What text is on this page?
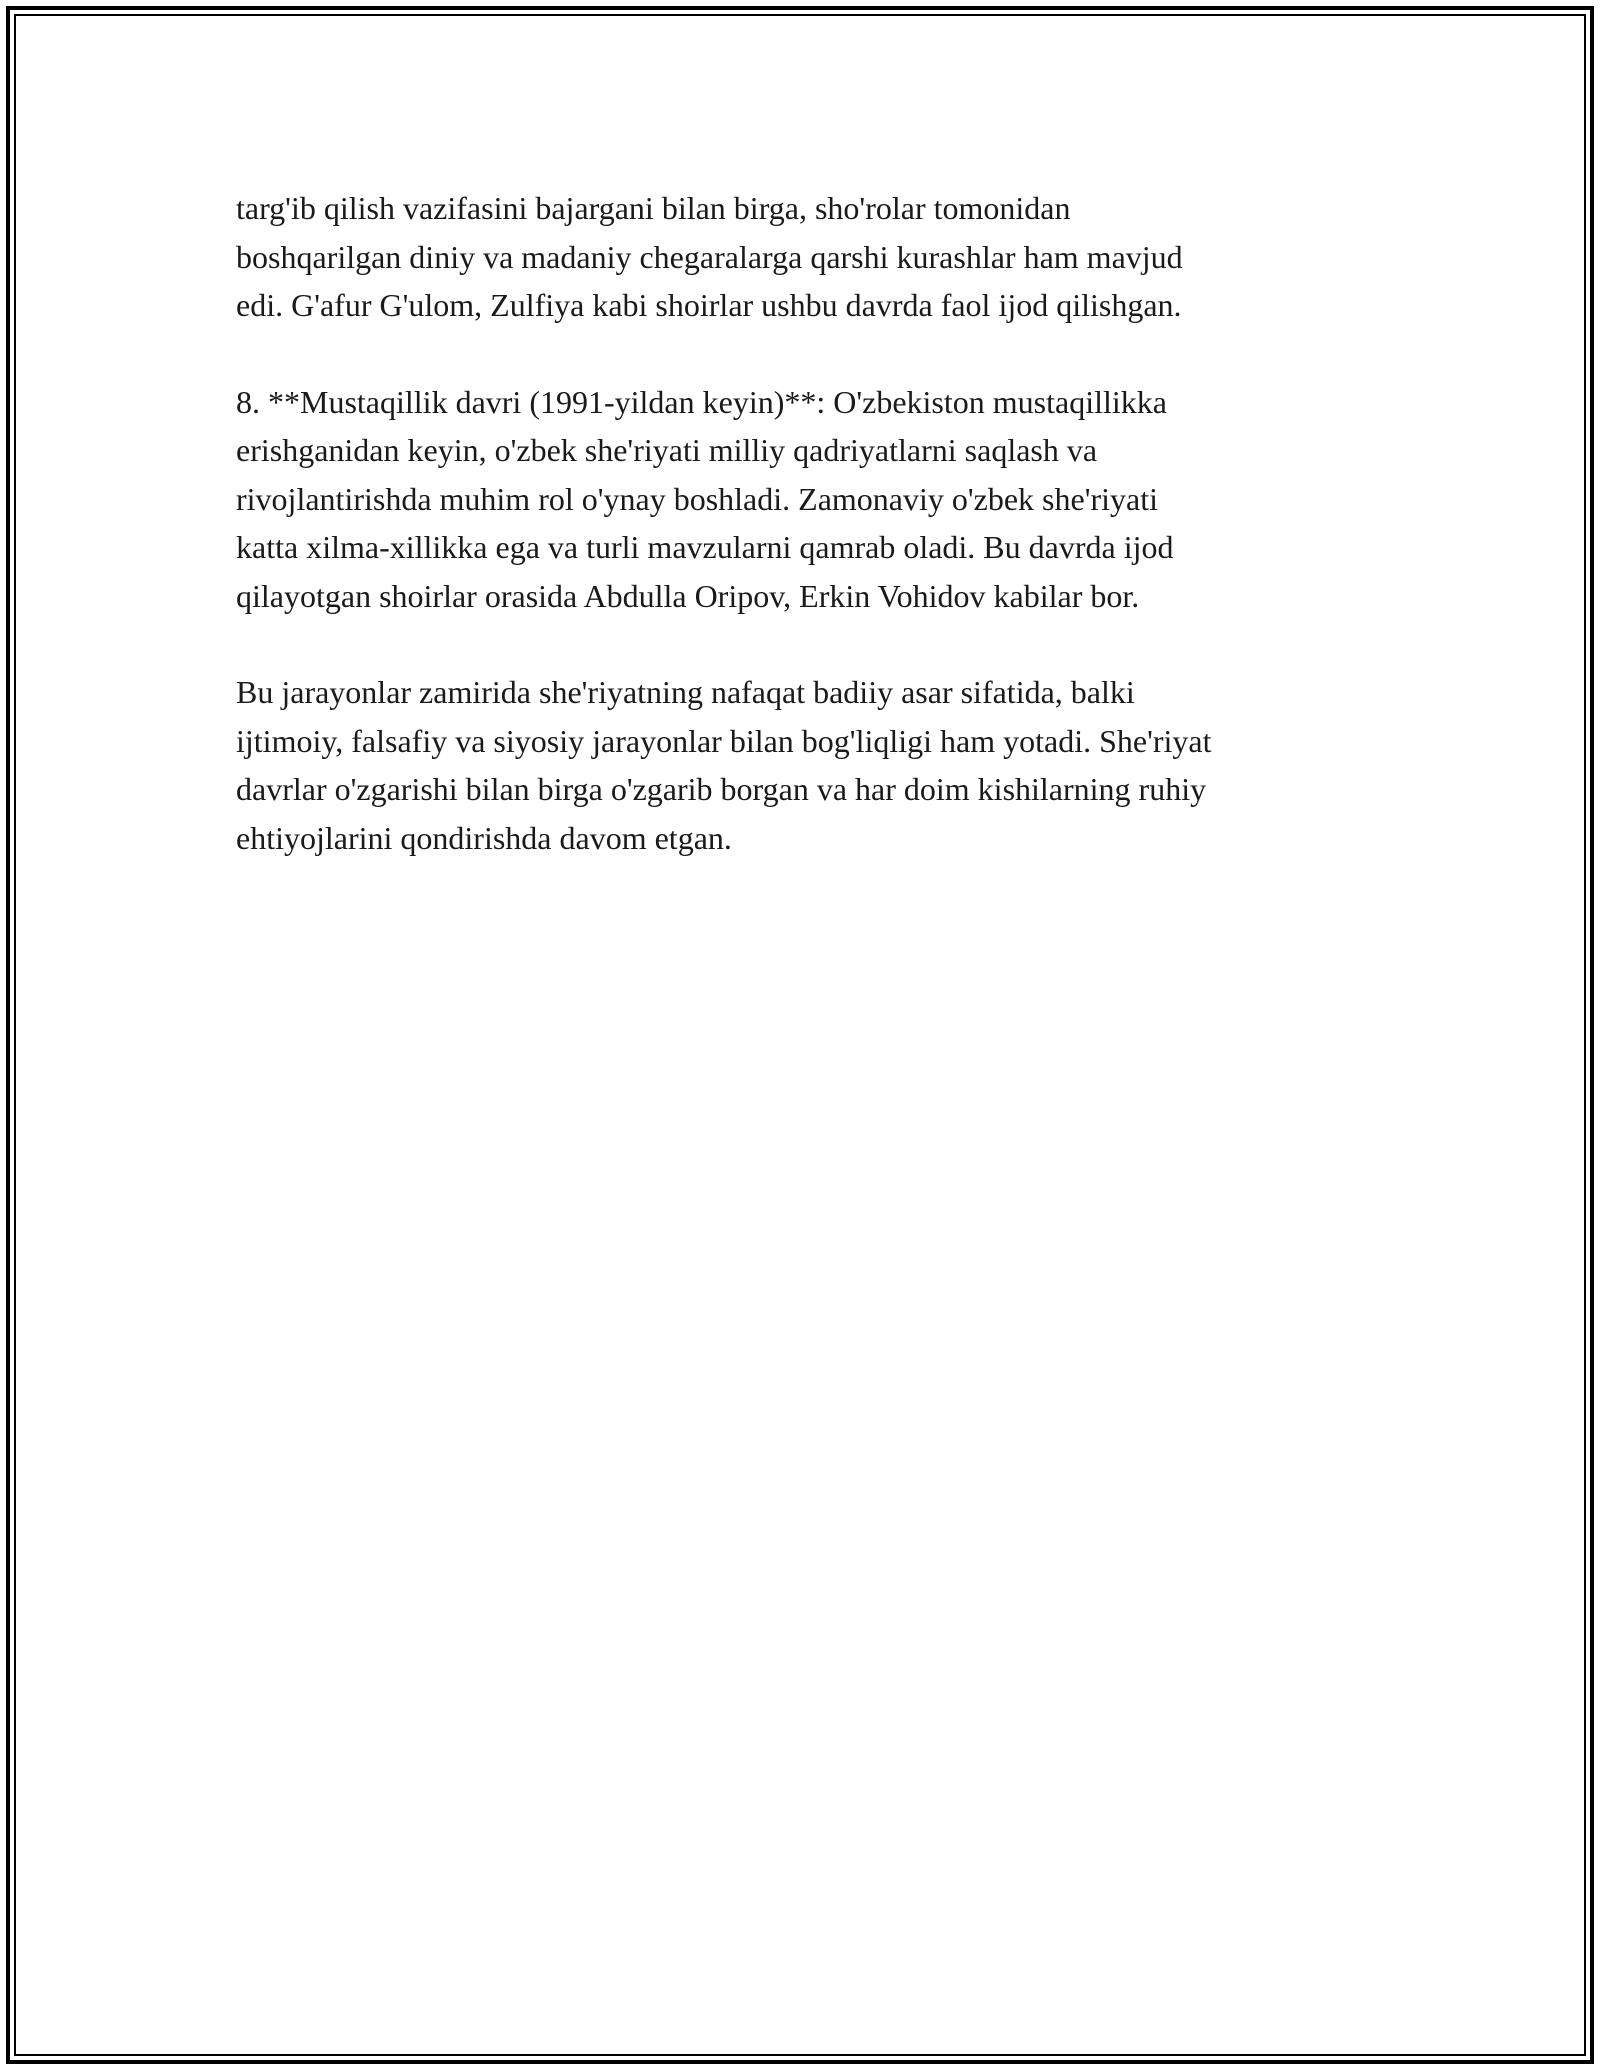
targ'ib qilish vazifasini bajargani bilan birga, sho'rolar tomonidan
boshqarilgan diniy va madaniy chegaralarga qarshi kurashlar ham mavjud
edi. G'afur G'ulom, Zulfiya kabi shoirlar ushbu davrda faol ijod qilishgan.

8. **Mustaqillik davri (1991-yildan keyin)**: O'zbekiston mustaqillikka
erishganidan keyin, o'zbek she'riyati milliy qadriyatlarni saqlash va
rivojlantirishda muhim rol o'ynay boshladi. Zamonaviy o'zbek she'riyati
katta xilma-xillikka ega va turli mavzularni qamrab oladi. Bu davrda ijod
qilayotgan shoirlar orasida Abdulla Oripov, Erkin Vohidov kabilar bor.

Bu jarayonlar zamirida she'riyatning nafaqat badiiy asar sifatida, balki
ijtimoiy, falsafiy va siyosiy jarayonlar bilan bog'liqligi ham yotadi. She'riyat
davrlar o'zgarishi bilan birga o'zgarib borgan va har doim kishilarning ruhiy
ehtiyojlarini qondirishda davom etgan.
